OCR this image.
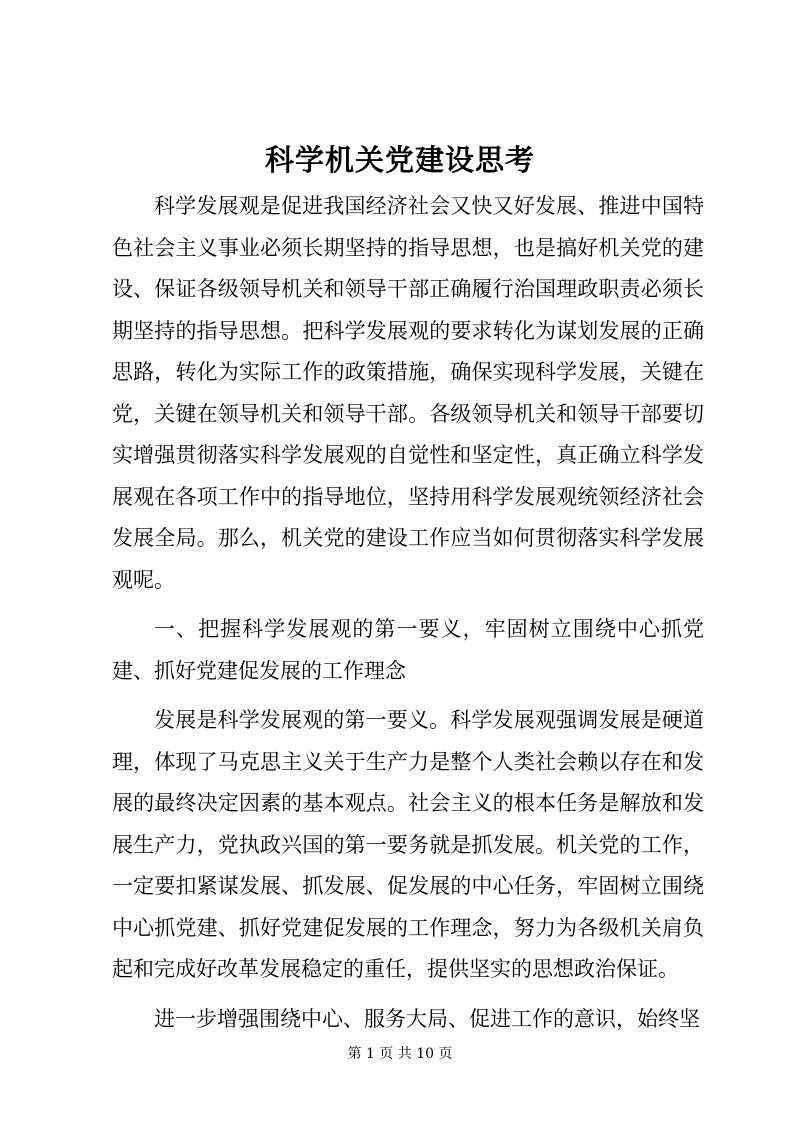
科学机关党建设思考

科学发展观是促进我国经济社会又快又好发展、推进中国特色社会主义事业必须长期坚持的指导思想，也是搞好机关党的建设、保证各级领导机关和领导干部正确履行治国理政职责必须长期坚持的指导思想。把科学发展观的要求转化为谋划发展的正确思路，转化为实际工作的政策措施，确保实现科学发展，关键在党，关键在领导机关和领导干部。各级领导机关和领导干部要切实增强贯彻落实科学发展观的自觉性和坚定性，真正确立科学发展观在各项工作中的指导地位，坚持用科学发展观统领经济社会发展全局。那么，机关党的建设工作应当如何贯彻落实科学发展观呢。

一、把握科学发展观的第一要义，牢固树立围绕中心抓党建、抓好党建促发展的工作理念

发展是科学发展观的第一要义。科学发展观强调发展是硬道理，体现了马克思主义关于生产力是整个人类社会赖以存在和发展的最终决定因素的基本观点。社会主义的根本任务是解放和发展生产力，党执政兴国的第一要务就是抓发展。机关党的工作，一定要扣紧谋发展、抓发展、促发展的中心任务，牢固树立围绕中心抓党建、抓好党建促发展的工作理念，努力为各级机关肩负起和完成好改革发展稳定的重任，提供坚实的思想政治保证。

进一步增强围绕中心、服务大局、促进工作的意识，始终坚

第 1 页 共 10 页
